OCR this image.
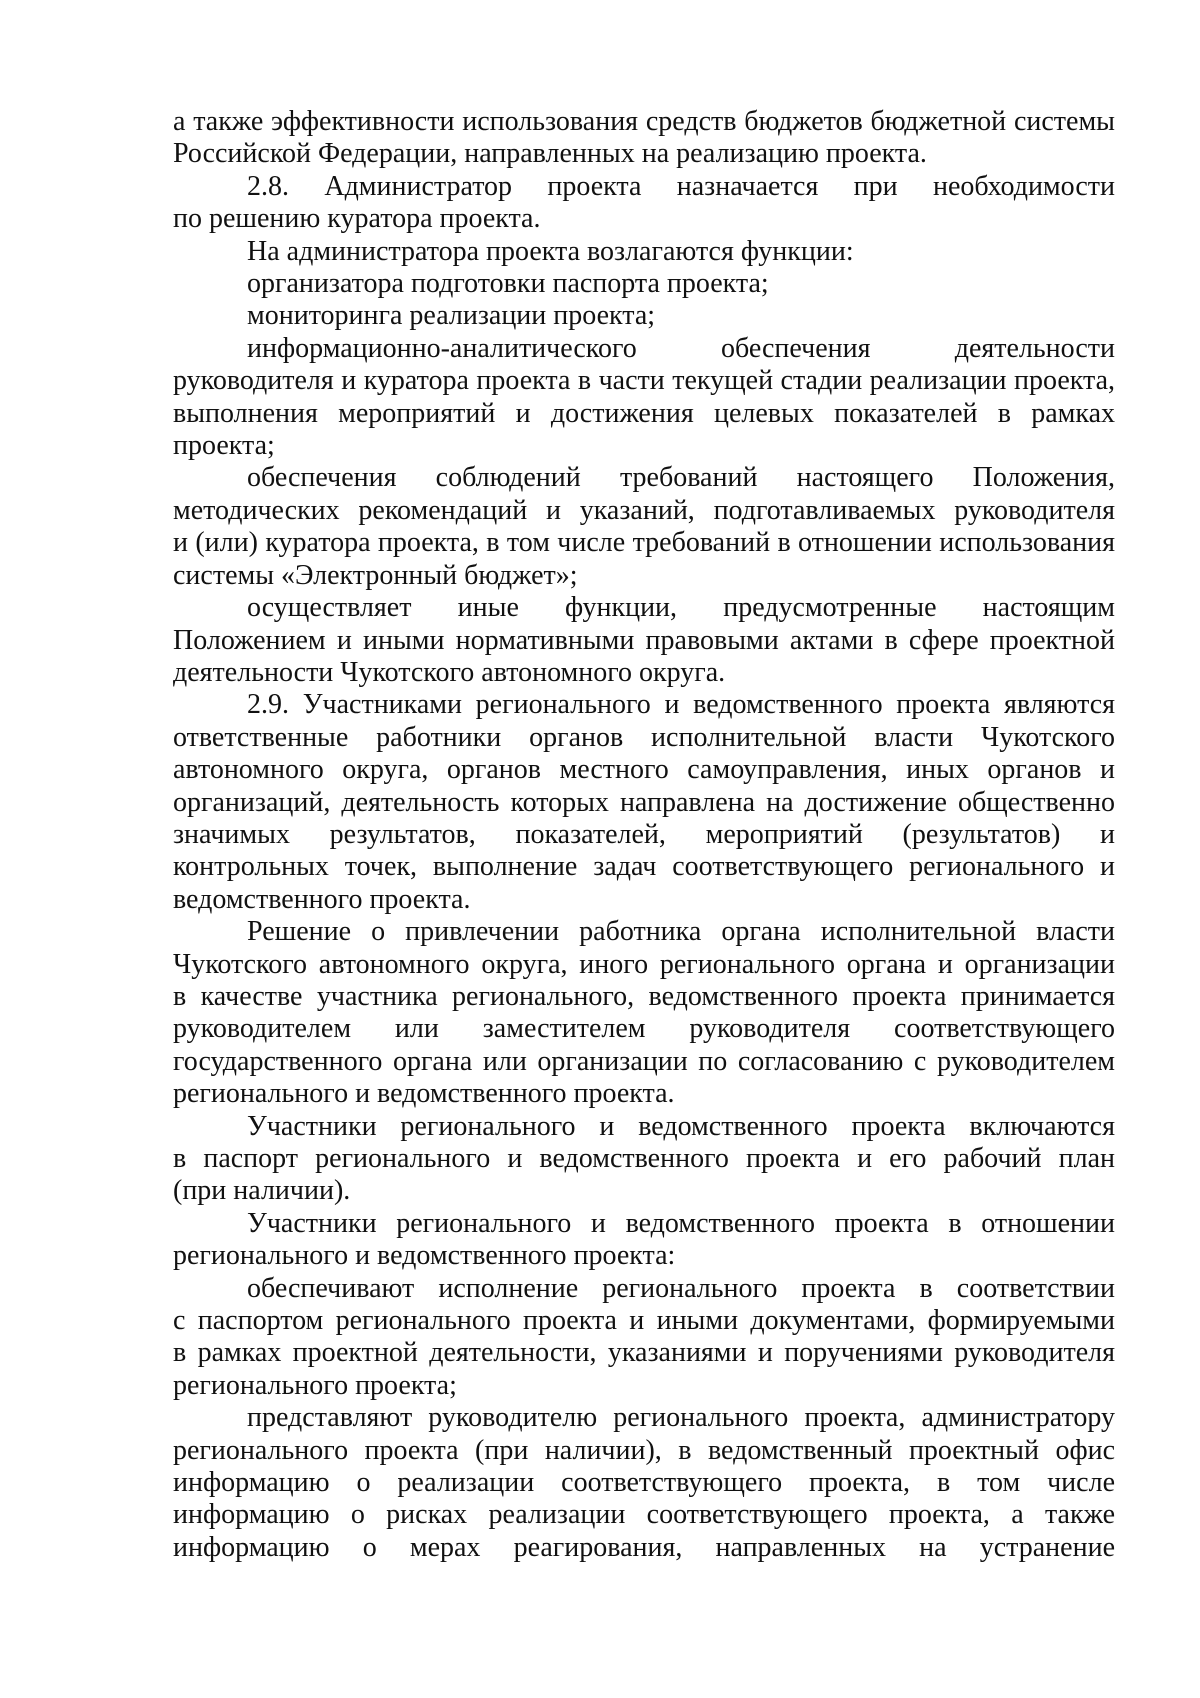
а также эффективности использования средств бюджетов бюджетной системы
Российской Федерации, направленных на реализацию проекта.

2.8. Администратор проекта назначается при необходимости
по решению куратора проекта.

На администратора проекта возлагаются функции:

организатора подготовки паспорта проекта;

мониторинга реализации проекта;

информационно-аналитического обеспечения деятельности
руководителя и куратора проекта в части текущей стадии реализации проекта,
выполнения мероприятий и достижения целевых показателей в рамках
проекта;

обеспечения соблюдений требований настоящего Положения,
методических рекомендаций и указаний, подготавливаемых руководителя
и (или) куратора проекта, в том числе требований в отношении использования
системы «Электронный бюджет»;

осуществляет иные функции, предусмотренные настоящим
Положением и иными нормативными правовыми актами в сфере проектной
деятельности Чукотского автономного округа.

2.9. Участниками регионального и ведомственного проекта являются
ответственные работники органов исполнительной власти Чукотского
автономного округа, органов местного самоуправления, иных органов и
организаций, деятельность которых направлена на достижение общественно
значимых результатов, показателей, мероприятий (результатов) и
контрольных точек, выполнение задач соответствующего регионального и
ведомственного проекта.

Решение о привлечении работника органа исполнительной власти
Чукотского автономного округа, иного регионального органа и организации
в качестве участника регионального, ведомственного проекта принимается
руководителем или заместителем руководителя соответствующего
государственного органа или организации по согласованию с руководителем
регионального и ведомственного проекта.

Участники регионального и ведомственного проекта включаются
в паспорт регионального и ведомственного проекта и его рабочий план
(при наличии).

Участники регионального и ведомственного проекта в отношении
регионального и ведомственного проекта:

обеспечивают исполнение регионального проекта в соответствии
с паспортом регионального проекта и иными документами, формируемыми
в рамках проектной деятельности, указаниями и поручениями руководителя
регионального проекта;

представляют руководителю регионального проекта, администратору
регионального проекта (при наличии), в ведомственный проектный офис
информацию о реализации соответствующего проекта, в том числе
информацию о рисках реализации соответствующего проекта, а также
информацию о мерах реагирования, направленных на устранение
